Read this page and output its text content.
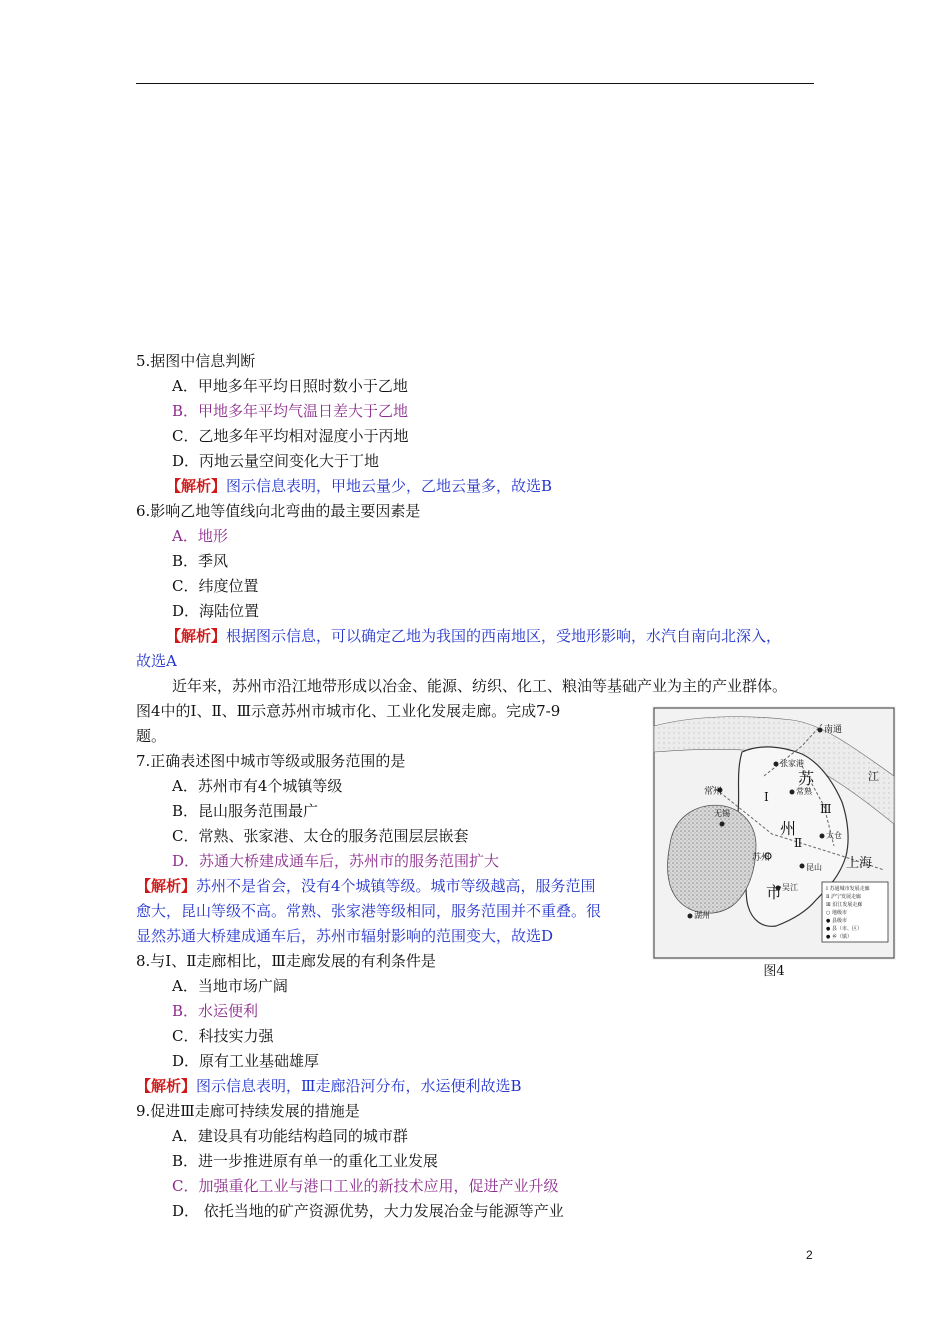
5.据图中信息判断
A．甲地多年平均日照时数小于乙地
B．甲地多年平均气温日差大于乙地
C．乙地多年平均相对湿度小于丙地
D．丙地云量空间变化大于丁地
【解析】图示信息表明，甲地云量少，乙地云量多，故选B
6.影响乙地等值线向北弯曲的最主要因素是
A．地形
B．季风
C．纬度位置
D．海陆位置
【解析】根据图示信息，可以确定乙地为我国的西南地区，受地形影响，水汽自南向北深入，
故选A
近年来，苏州市沿江地带形成以冶金、能源、纺织、化工、粮油等基础产业为主的产业群体。
图4中的Ⅰ、Ⅱ、Ⅲ示意苏州市城市化、工业化发展走廊。完成7-9
题。
7.正确表述图中城市等级或服务范围的是
A．苏州市有4个城镇等级
B．昆山服务范围最广
C．常熟、张家港、太仓的服务范围层层嵌套
D．苏通大桥建成通车后，苏州市的服务范围扩大
【解析】苏州不是省会，没有4个城镇等级。城市等级越高，服务范围
愈大，昆山等级不高。常熟、张家港等级相同，服务范围并不重叠。很
显然苏通大桥建成通车后，苏州市辐射影响的范围变大，故选D
8.与Ⅰ、Ⅱ走廊相比，Ⅲ走廊发展的有利条件是
A．当地市场广阔
B．水运便利
C．科技实力强
D．原有工业基础雄厚
【解析】图示信息表明，Ⅲ走廊沿河分布，水运便利故选B
9.促进Ⅲ走廊可持续发展的措施是
A．建设具有功能结构趋同的城市群
B．进一步推进原有单一的重化工业发展
C．加强重化工业与港口工业的新技术应用，促进产业升级
D． 依托当地的矿产资源优势，大力发展冶金与能源等产业
南通
常州
张家港
常熟
无锡
太仓
昆山
苏州
吴江
湖州
上海
苏
州
市
江
Ⅰ
Ⅱ
Ⅲ
Ⅰ 苏通城市发展走廊
Ⅱ 沪宁发展走廊
Ⅲ 沿江发展走廊
○ 地级市
● 县级市
● 县（市、区）
● 乡（镇）
图4
2
